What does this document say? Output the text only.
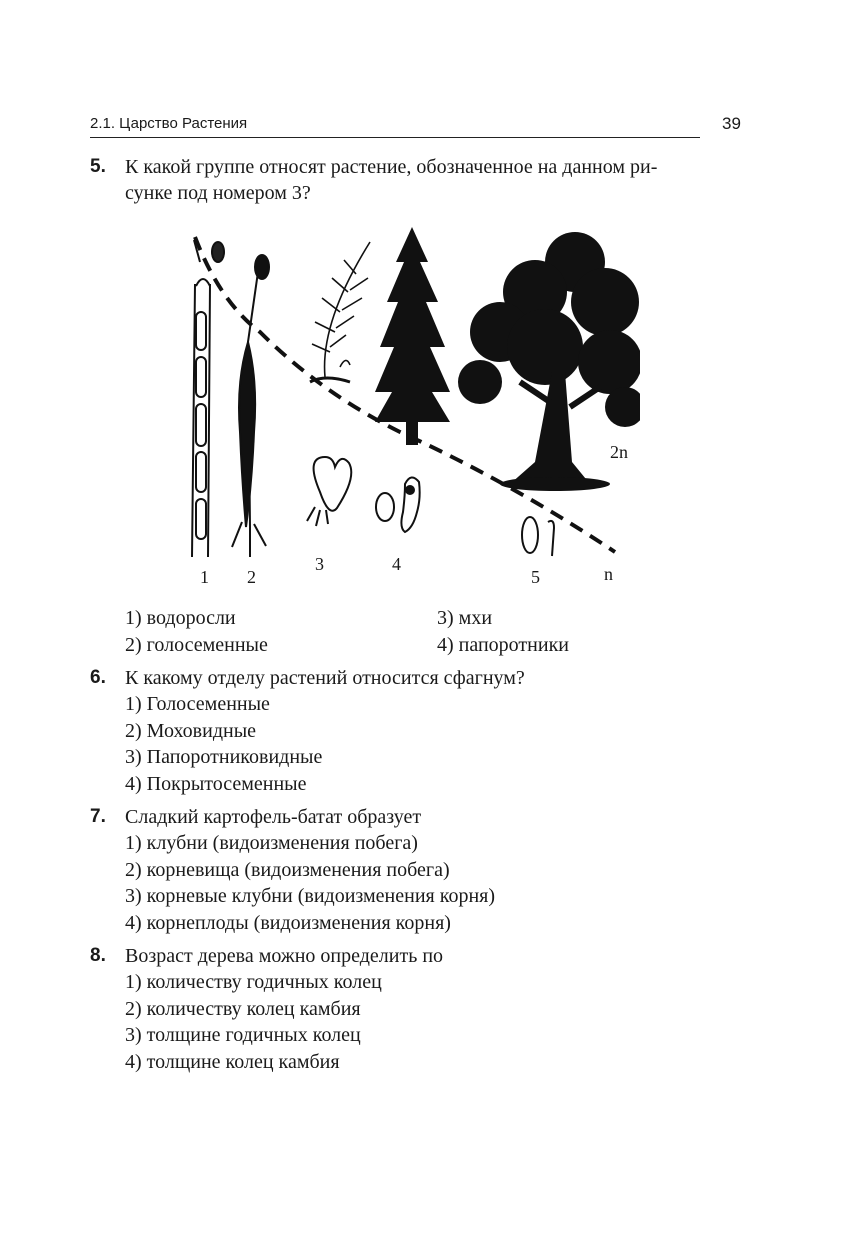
2.1. Царство Растения	39
5. К какой группе относят растение, обозначенное на данном ри-
сунке под номером 3?
1 2
3	4
5	n
2n
1) водоросли
2) голосеменные
3) мхи
4) папоротники
6. К какому отделу растений относится сфагнум?
1) Голосеменные
2) Моховидные
3) Папоротниковидные
4) Покрытосеменные
7. Сладкий картофель-батат образует
1) клубни (видоизменения побега)
2) корневища (видоизменения побега)
3) корневые клубни (видоизменения корня)
4) корнеплоды (видоизменения корня)
8. Возраст дерева можно определить по
1) количеству годичных колец
2) количеству колец камбия
3) толщине годичных колец
4) толщине колец камбия
